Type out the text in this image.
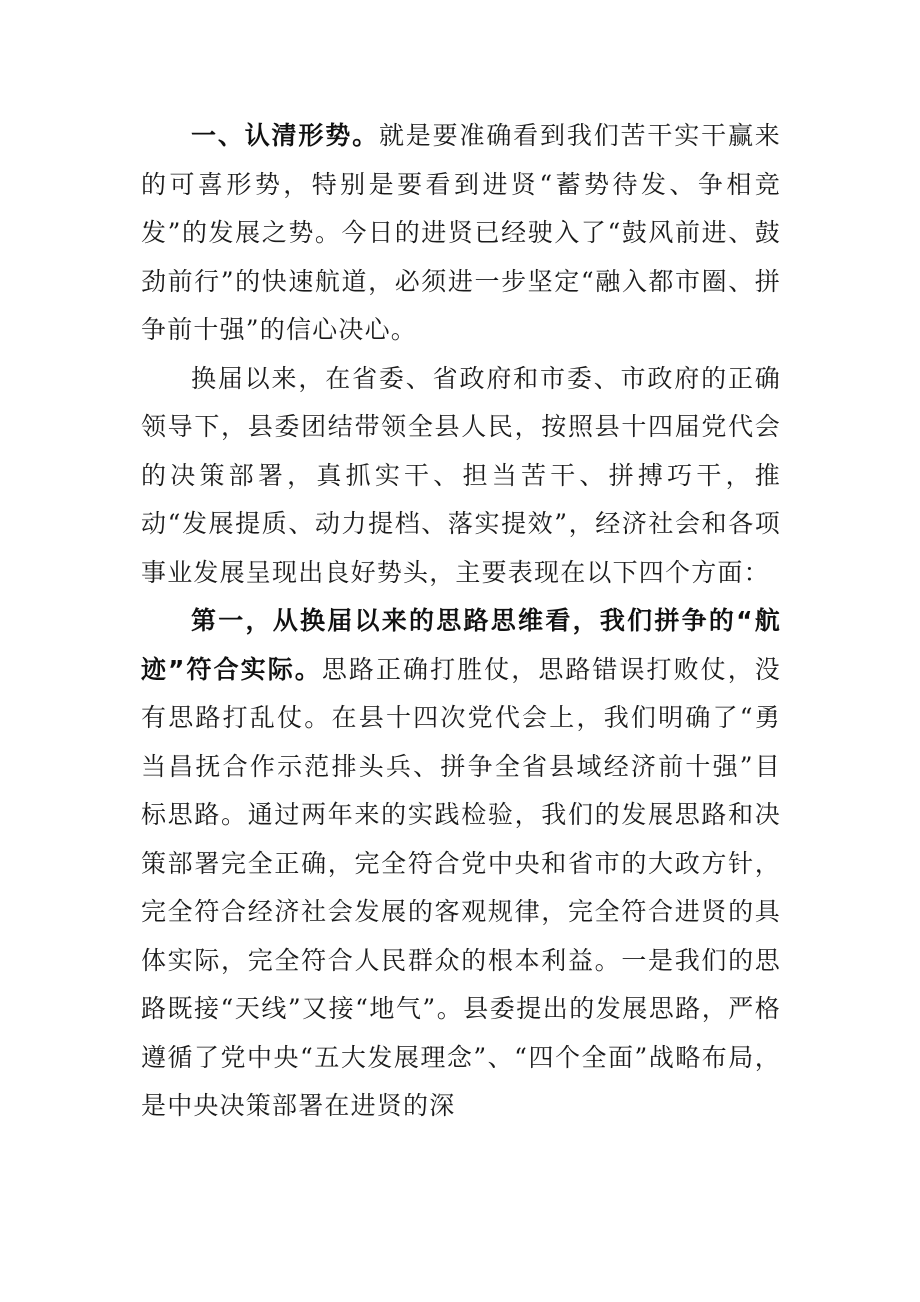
一、认清形势。就是要准确看到我们苦干实干赢来的可喜形势，特别是要看到进贤“蓄势待发、争相竞发”的发展之势。今日的进贤已经驶入了“鼓风前进、鼓劲前行”的快速航道，必须进一步坚定“融入都市圈、拼争前十强”的信心决心。

换届以来，在省委、省政府和市委、市政府的正确领导下，县委团结带领全县人民，按照县十四届党代会的决策部署，真抓实干、担当苦干、拼搏巧干，推动“发展提质、动力提档、落实提效”，经济社会和各项事业发展呈现出良好势头，主要表现在以下四个方面：

第一，从换届以来的思路思维看，我们拼争的“航迹”符合实际。思路正确打胜仗，思路错误打败仗，没有思路打乱仗。在县十四次党代会上，我们明确了“勇当昌抚合作示范排头兵、拼争全省县域经济前十强”目标思路。通过两年来的实践检验，我们的发展思路和决策部署完全正确，完全符合党中央和省市的大政方针，完全符合经济社会发展的客观规律，完全符合进贤的具体实际，完全符合人民群众的根本利益。一是我们的思路既接“天线”又接“地气”。县委提出的发展思路，严格遵循了党中央“五大发展理念”、“四个全面”战略布局，是中央决策部署在进贤的深
